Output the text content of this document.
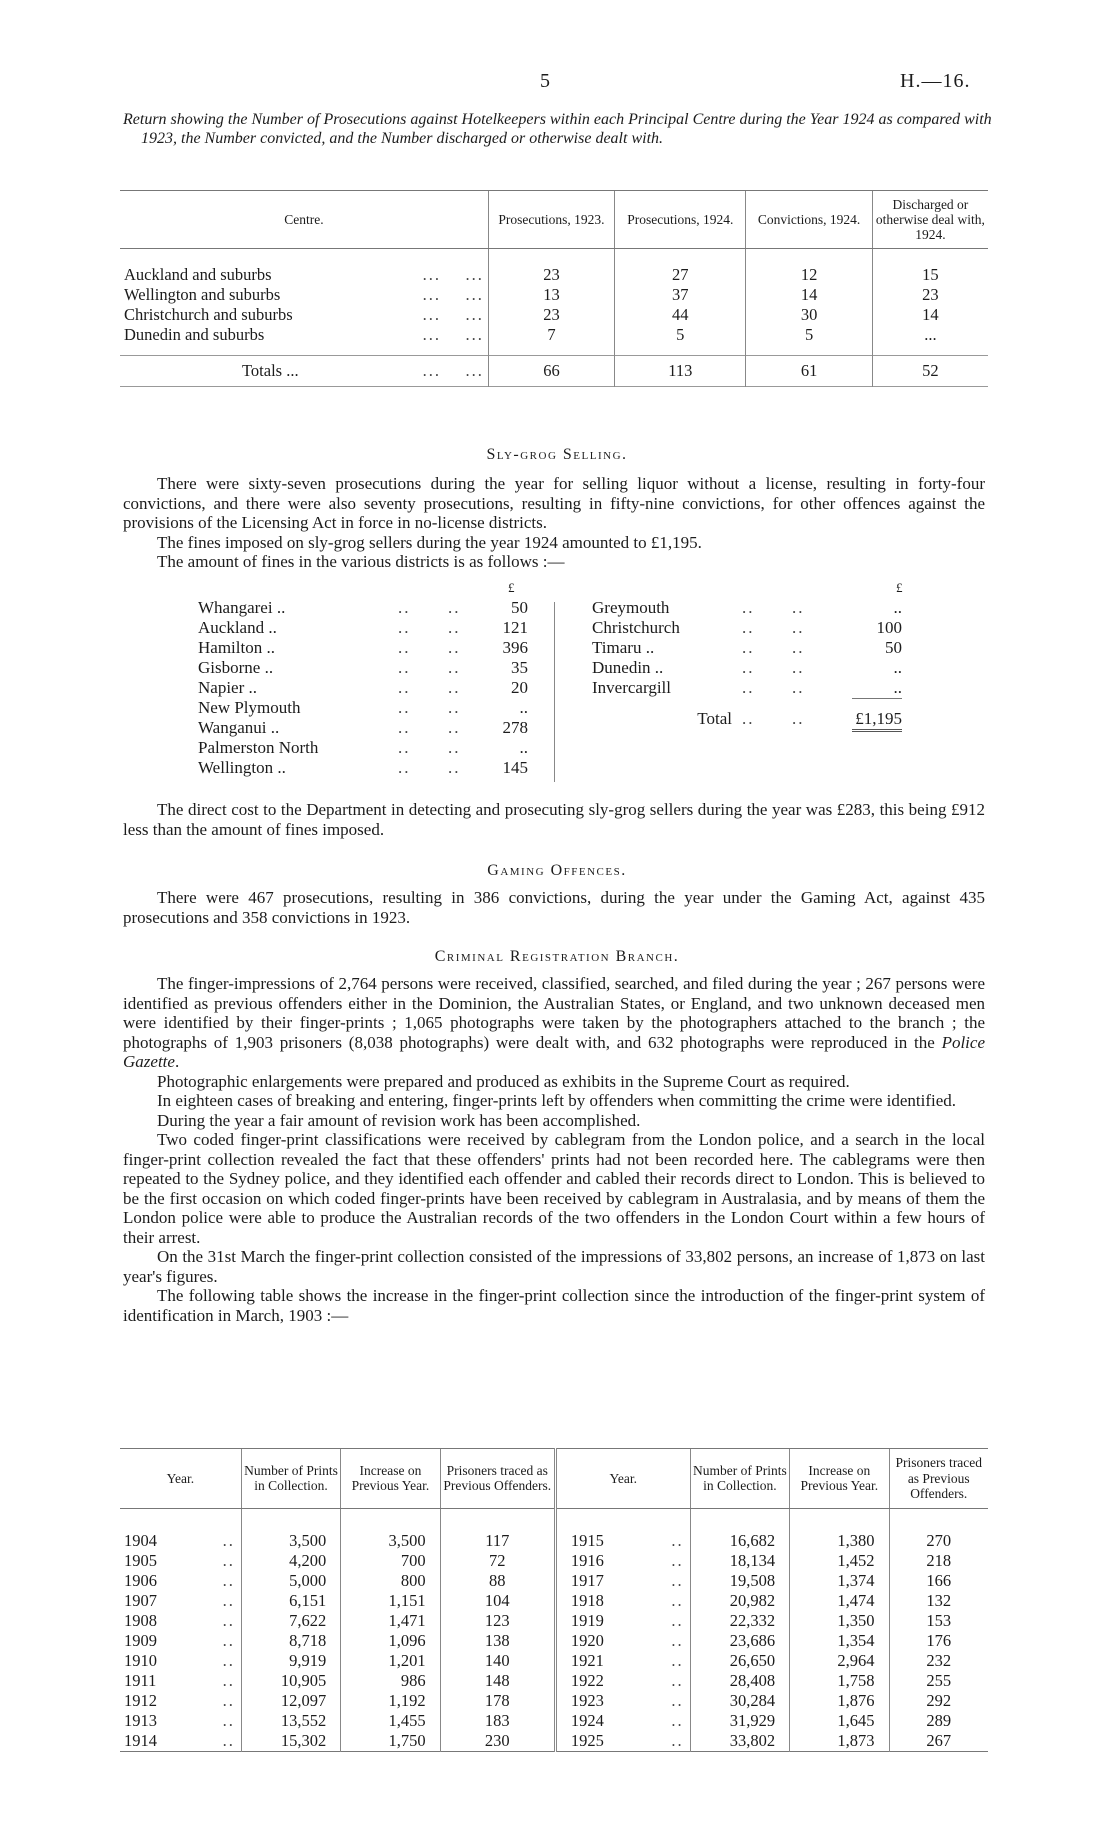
5	H.—16.
Return showing the Number of Prosecutions against Hotelkeepers within each Principal Centre during the Year 1924 as compared with 1923, the Number convicted, and the Number discharged or otherwise dealt with.
Centre.	Prosecutions, 1923.	Prosecutions, 1924.	Convictions, 1924.	Discharged or otherwise deal with, 1924.

Auckland and suburbs ...    ...	23	27	12	15
Wellington and suburbs ...    ...	13	37	14	23
Christchurch and suburbs ...    ...	23	44	30	14
Dunedin and suburbs ...    ...	7	5	5	...

Totals ... ...    ...	66	113	61	52
Sly-grog Selling.

There were sixty-seven prosecutions during the year for selling liquor without a license, resulting in forty-four convictions, and there were also seventy prosecutions, resulting in fifty-nine convictions, for other offences against the provisions of the Licensing Act in force in no-license districts.

The fines imposed on sly-grog sellers during the year 1924 amounted to £1,195.

The amount of fines in the various districts is as follows :—

£	£
Whangarei ..	..      ..	50
Auckland ..	..      ..	121
Hamilton ..	..      ..	396
Gisborne ..	..      ..	35
Napier ..	..      ..	20
New Plymouth	..      ..	..
Wanganui ..	..      ..	278
Palmerston North	..      ..	..
Wellington ..	..      ..	145
Greymouth	..      ..	..
Christchurch	..      ..	100
Timaru ..	..      ..	50
Dunedin ..	..      ..	..
Invercargill	..      ..	..

Total	..      ..	£1,195

The direct cost to the Department in detecting and prosecuting sly-grog sellers during the year was £283, this being £912 less than the amount of fines imposed.

Gaming Offences.

There were 467 prosecutions, resulting in 386 convictions, during the year under the Gaming Act, against 435 prosecutions and 358 convictions in 1923.

Criminal Registration Branch.

The finger-impressions of 2,764 persons were received, classified, searched, and filed during the year ; 267 persons were identified as previous offenders either in the Dominion, the Australian States, or England, and two unknown deceased men were identified by their finger-prints ; 1,065 photographs were taken by the photographers attached to the branch ; the photographs of 1,903 prisoners (8,038 photographs) were dealt with, and 632 photographs were reproduced in the Police Gazette.

Photographic enlargements were prepared and produced as exhibits in the Supreme Court as required.

In eighteen cases of breaking and entering, finger-prints left by offenders when committing the crime were identified.

During the year a fair amount of revision work has been accomplished.

Two coded finger-print classifications were received by cablegram from the London police, and a search in the local finger-print collection revealed the fact that these offenders' prints had not been recorded here. The cablegrams were then repeated to the Sydney police, and they identified each offender and cabled their records direct to London. This is believed to be the first occasion on which coded finger-prints have been received by cablegram in Australasia, and by means of them the London police were able to produce the Australian records of the two offenders in the London Court within a few hours of their arrest.

On the 31st March the finger-print collection consisted of the impressions of 33,802 persons, an increase of 1,873 on last year's figures.

The following table shows the increase in the finger-print collection since the introduction of the finger-print system of identification in March, 1903 :—

Year.	Number of Prints in Collection.	Increase on Previous Year.	Prisoners traced as Previous Offenders.	Year.	Number of Prints in Collection.	Increase on Previous Year.	Prisoners traced as Previous Offenders.

1904 ..	3,500	3,500	117	1915 ..	16,682	1,380	270
1905 ..	4,200	700	72	1916 ..	18,134	1,452	218
1906 ..	5,000	800	88	1917 ..	19,508	1,374	166
1907 ..	6,151	1,151	104	1918 ..	20,982	1,474	132
1908 ..	7,622	1,471	123	1919 ..	22,332	1,350	153
1909 ..	8,718	1,096	138	1920 ..	23,686	1,354	176
1910 ..	9,919	1,201	140	1921 ..	26,650	2,964	232
1911 ..	10,905	986	148	1922 ..	28,408	1,758	255
1912 ..	12,097	1,192	178	1923 ..	30,284	1,876	292
1913 ..	13,552	1,455	183	1924 ..	31,929	1,645	289
1914 ..	15,302	1,750	230	1925 ..	33,802	1,873	267
